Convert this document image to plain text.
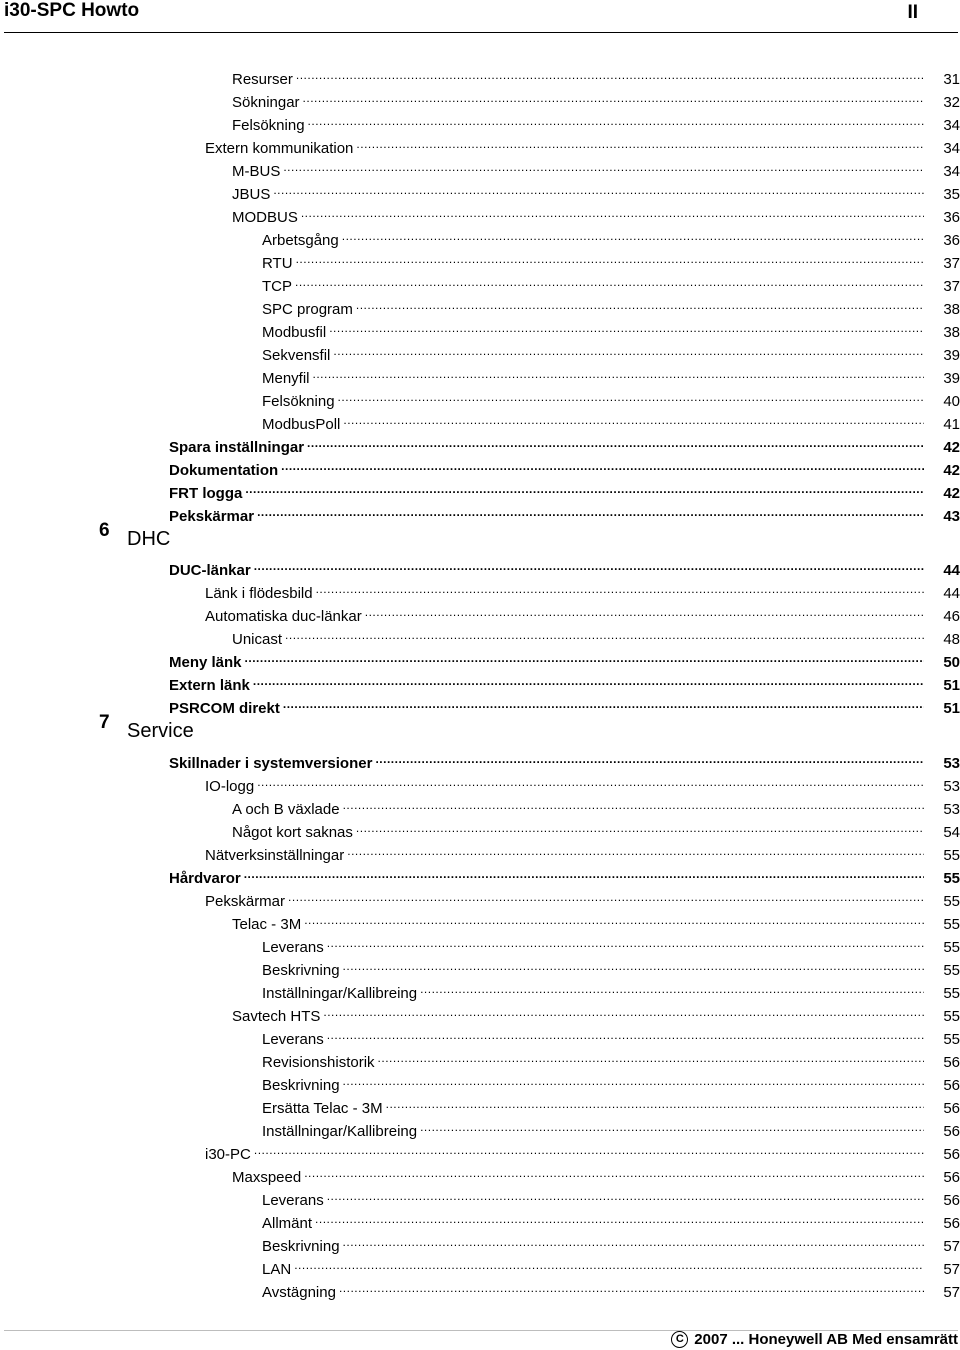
i30-SPC Howto	II
6 DHC
7 Service
Resurser .....	31
Sökningar .....	32
Felsökning .....	34
Extern kommunikation .....	34
M-BUS .....	34
JBUS .....	35
MODBUS .....	36
Arbetsgång .....	36
RTU .....	37
TCP .....	37
SPC program .....	38
Modbusfil .....	38
Sekvensfil .....	39
Menyfil .....	39
Felsökning .....	40
ModbusPoll .....	41
Spara inställningar .....	42
Dokumentation .....	42
FRT logga .....	42
Pekskärmar .....	43
DUC-länkar .....	44
Länk i flödesbild .....	44
Automatiska duc-länkar .....	46
Unicast .....	48
Meny länk .....	50
Extern länk .....	51
PSRCOM direkt .....	51
Skillnader i systemversioner .....	53
IO-logg .....	53
A och B växlade .....	53
Något kort saknas .....	54
Nätverksinställningar .....	55
Hårdvaror .....	55
Pekskärmar .....	55
Telac - 3M .....	55
Leverans .....	55
Beskrivning .....	55
Inställningar/Kallibreing .....	55
Savtech HTS .....	55
Leverans .....	55
Revisionshistorik .....	56
Beskrivning .....	56
Ersätta Telac - 3M .....	56
Inställningar/Kallibreing .....	56
i30-PC .....	56
Maxspeed .....	56
Leverans .....	56
Allmänt .....	56
Beskrivning .....	57
LAN .....	57
Avstägning .....	57
C 2007 ... Honeywell AB Med ensamrätt
